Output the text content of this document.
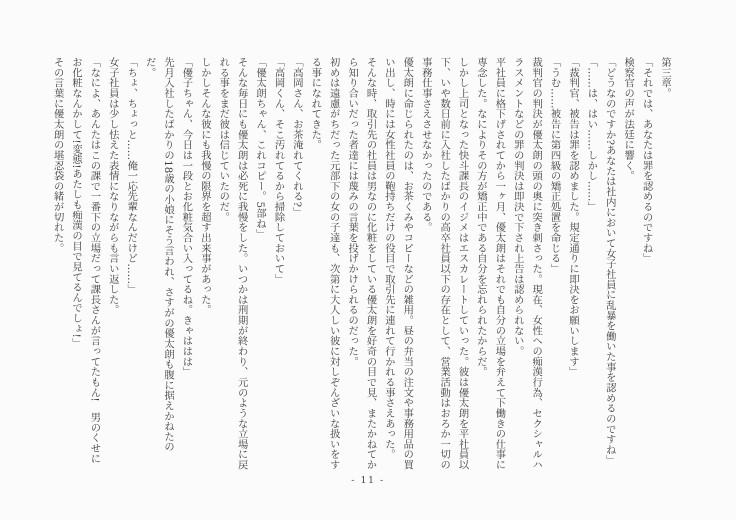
第三章。

「それでは、あなたは罪を認めるのですね」

検察官の声が法廷に響く。

「どうなのですか?あなたは社内において女子社員に乱暴を働いた事を認めるのですね」

「……は、はい……しかし……」

「裁判官、被告は罪を認めました。規定通りに即決をお願いします」

「うむ……被告に第四級の矯正処置を命じる」

裁判官の判決が優太朗の頭の奥に突き刺さった。現在、女性への痴漢行為、セクシャルハラスメントなどの罪の判決は即決で下され上告は認められない。

平社員に格下げされてから一ヶ月、優太朗はそれでも自分の立場を弁えて下働きの仕事に専念した。なによりその方が矯正中である自分を忘れられたからだ。

しかし上司となった快斗課長のイジメはエスカレートしていった。彼は優太朗を平社員以下、いや数日前に入社したばかりの高卒社員以下の存在として、営業活動はおろか一切の事務仕事さえさせなかったのである。

優太朗に命じられたのは、お茶くみやコピーなどの雑用。昼の弁当の注文や事務用品の買い出し、時には女性社員の鞄持ちだけの役目で取引先に連れて行かれる事さえあった。

そんな時、取引先の社員は男なのに化粧をしている優太朗を好奇の目で見、またかねてから知り合いだった者達には蔑みの言葉を投げかけられるのだった。

初めは遠慮がちだった元部下の女の子達も、次第に大人しい彼に対しぞんざいな扱いをする事になれてきた。

「高岡さん、お茶淹れてくれる?」

「高岡くん、そこ汚れてるから掃除しておいて」

「優太朗ちゃん、これコピー。5部ね」

そんな毎日にも優太朗は必死に我慢をした。いつかは刑期が終わり、元のような立場に戻れる事をまだ彼は信じていたのだ。

しかしそんな彼にも我慢の限界を超す出来事があった。

「優子ちゃん、今日は一段とお化粧気合い入ってるね。きゃははは」

先月入社したばかりの18歳の小娘にそう言われ、さすがの優太朗も腹に据えかねたのだ。

「ちょ、ちょっと……俺一応先輩なんだけど……」

女子社員は少し怯えた表情になりながらも言い返した。

「なによ、あんたはこの課で一番下の立場だって課長さんが言ってたもん!　男のくせにお化粧なんかして!変態!あたしも痴漢の目で見てるんでしょ!」

その言葉に優太朗の堪忍袋の緒が切れた。

- 11 -
